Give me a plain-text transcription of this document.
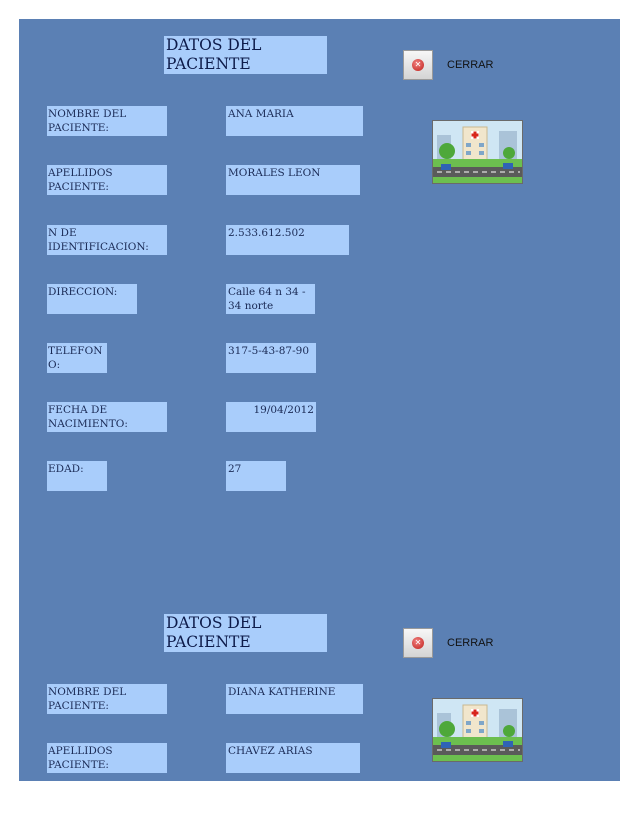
DATOS DEL PACIENTE	✕ CERRAR
NOMBRE DEL PACIENTE:
ANA MARIA
APELLIDOS PACIENTE:
MORALES LEON
N DE IDENTIFICACION:
2.533.612.502
DIRECCION:	Calle 64 n 34 - 34 norte
TELEFON O:
317-5-43-87-90
FECHA DE NACIMIENTO:
19/04/2012
EDAD:	27
DATOS DEL PACIENTE	✕ CERRAR
NOMBRE DEL PACIENTE:
DIANA KATHERINE
APELLIDOS PACIENTE:
CHAVEZ ARIAS
